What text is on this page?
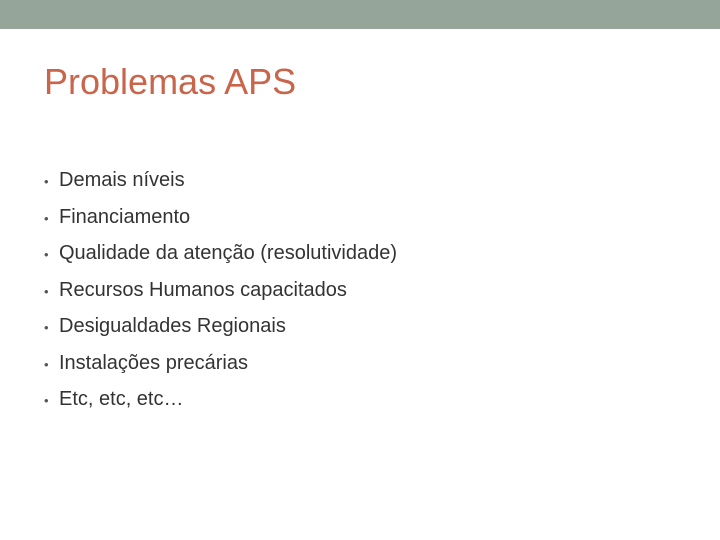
Problemas APS
• Demais níveis
• Financiamento
• Qualidade da atenção (resolutividade)
• Recursos Humanos capacitados
• Desigualdades Regionais
• Instalações precárias
• Etc, etc, etc…
